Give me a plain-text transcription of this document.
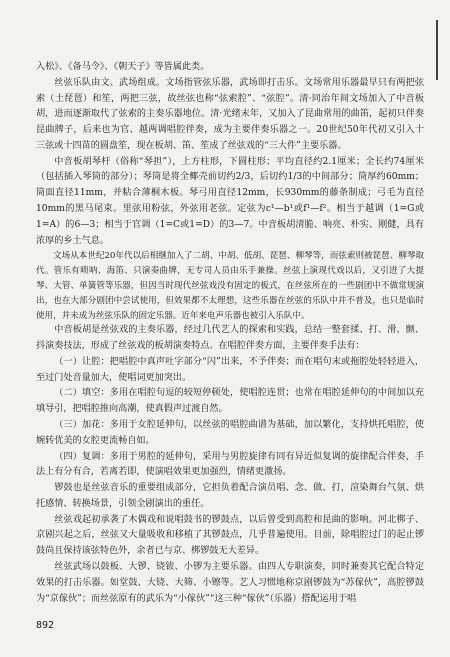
入松》、《备马令》、《朝天子》等皆属此类。

丝弦乐队由文、武场组成。文场指管弦乐器，武场即打击乐。文场常用乐器最早只有两把弦索（土琵琶）和笙，两把三弦，故丝弦也称“弦索腔”、“弦腔”。清·同治年间文场加入了中音板胡，进而逐渐取代了弦索的主奏乐器地位。清·光绪末年，又加入了昆曲常用的曲笛，起初只伴奏昆曲牌子，后来也为官、越两调唱腔伴奏，成为主要伴奏乐器之一。20世纪50年代初又引入十三弦或十四苗的圆盘笙，现在板胡、笛、笙成了丝弦戏的“三大件”主要乐器。

中音板胡琴杆（俗称“琴担”），上方柱形，下圆柱形；平均直径约2.1厘米；全长约74厘米（包括插入琴筒的部分）；琴筒是将全椰壳前切约2/3，后切约1/3的中间部分；筒厚约60mm；筒面直径11mm，并粘合薄桐木板。琴弓用直径12mm，长930mm的藤条制成；弓毛为直径10mm的黑马尾束。里弦用粉弦，外弦用老弦。定弦为c¹—b¹或f¹—f²。相当于越调（1=G或1=A）的6—3；相当于官调（1=C或1=D）的3—7。中音板胡清脆、响亮、朴实、刚健，具有浓厚的乡土气息。

文场从本世纪20年代以后相继加入了二胡、中胡、低胡、琵琶、柳琴等，而弦索则被琵琶、柳琴取代。管乐有唢呐、海笛、只演奏曲牌，无专司人员由乐手兼操。丝弦上演现代戏以后，又引进了大提琴、大管、单簧管等乐器，但因当时现代丝弦戏没有固定的板式，在丝弦所在的一些剧团中不做常规演出，也在大部分剧团中尝试使用，但效果都不太理想，这些乐器在丝弦的乐队中并不普及，也只是临时使用，并未成为丝弦乐队的固定乐器。近年来电声乐器也被引入乐队中。

中音板胡是丝弦戏的主奏乐器，经过几代艺人的探索和实践，总结一整套揉、打、滑、颤、抖演奏技法，形成了丝弦戏的板胡演奏特点。在唱腔伴奏方面，主要伴奏手法有：

（一）让腔：把唱腔中真声吐字部分“闪”出来，不予伴奏；而在唱句末或拖腔处轻轻进入，至过门处音量加大，使唱词更加突出。

（二）填空：多用在唱腔句逗的较短停顿处，使唱腔连贯；也常在唱腔延伸句的中间加以充填导引，把唱腔推向高潮，使真假声过渡自然。

（三）加花：多用于女腔延伸句，以丝弦的唱腔曲谱为基础，加以繁化，支持烘托唱腔，使婉转优美的女腔更流畅自如。

（四）复调：多用于男腔的延伸句，采用与男腔旋律有同有异近似复调的旋律配合伴奏，手法上有分有合，若离若即，使演唱效果更加强烈，情绪更激扬。

锣鼓也是丝弦音乐的重要组成部分，它担负着配合演员唱、念、做、打，渲染舞台气氛、烘托感情、转换场景，引领全剧演出的重任。

丝弦戏起初承袭了木偶戏和说唱鼓书的锣鼓点，以后曾受到高腔和昆曲的影响。河北梆子、京剧兴起之后，丝弦又大量吸收和移植了其锣鼓点，几乎普遍使用。目前，除唱腔过门的起止锣鼓尚且保持该弦特色外，余者已与京、梆锣鼓无大差异。

丝弦武场以鼓板、大锣、铙钹、小锣为主要乐器。由四人专职演奏，同时兼奏其它配合特定效果的打击乐器。如堂鼓、大铙、大筛、小镲等。艺人习惯地称京剧锣鼓为“苏傢伙”，高腔锣鼓为“京傢伙”；而丝弦原有的武乐为“小傢伙”“这三种“傢伙”（乐器）搭配运用于唱

892
